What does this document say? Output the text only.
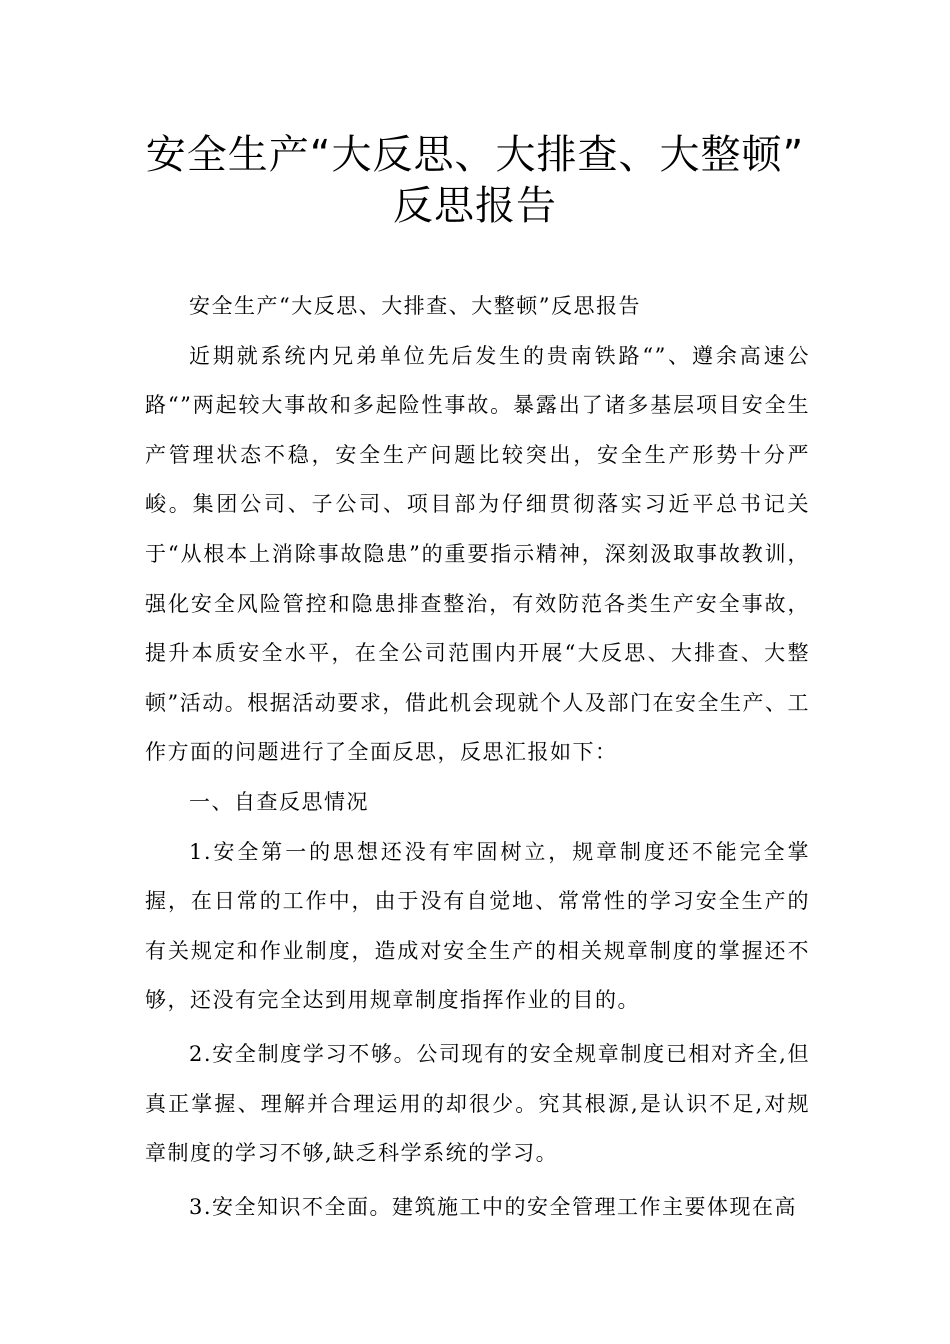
安全生产“大反思、大排查、大整顿”
反思报告

安全生产“大反思、大排查、大整顿”反思报告

近期就系统内兄弟单位先后发生的贵南铁路“”、遵余高速公路“”两起较大事故和多起险性事故。暴露出了诸多基层项目安全生产管理状态不稳，安全生产问题比较突出，安全生产形势十分严峻。集团公司、子公司、项目部为仔细贯彻落实习近平总书记关于“从根本上消除事故隐患”的重要指示精神，深刻汲取事故教训，强化安全风险管控和隐患排查整治，有效防范各类生产安全事故，提升本质安全水平，在全公司范围内开展“大反思、大排查、大整顿”活动。根据活动要求，借此机会现就个人及部门在安全生产、工作方面的问题进行了全面反思，反思汇报如下：

一、自查反思情况

1.安全第一的思想还没有牢固树立，规章制度还不能完全掌握，在日常的工作中，由于没有自觉地、常常性的学习安全生产的有关规定和作业制度，造成对安全生产的相关规章制度的掌握还不够，还没有完全达到用规章制度指挥作业的目的。

2.安全制度学习不够。公司现有的安全规章制度已相对齐全,但真正掌握、理解并合理运用的却很少。究其根源,是认识不足,对规章制度的学习不够,缺乏科学系统的学习。

3.安全知识不全面。建筑施工中的安全管理工作主要体现在高
